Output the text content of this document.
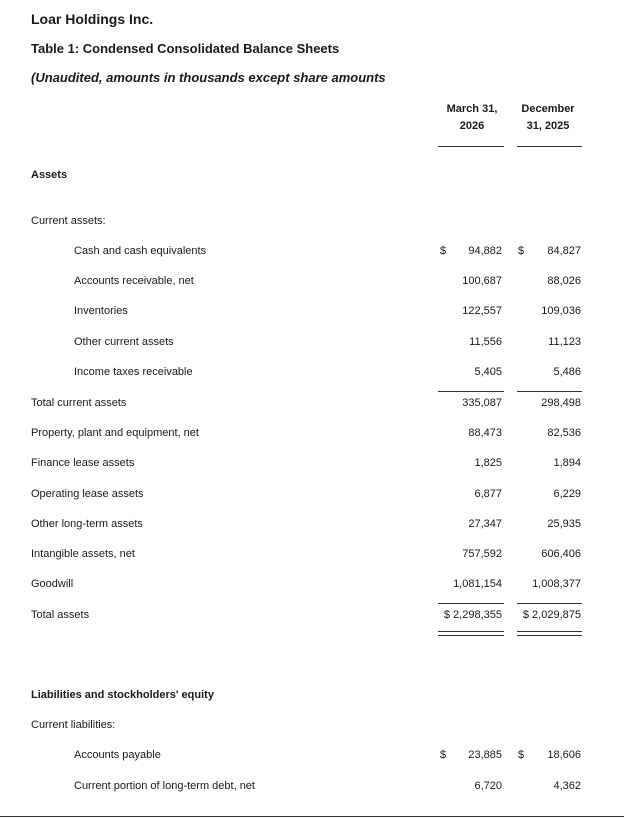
Loar Holdings Inc.
Table 1: Condensed Consolidated Balance Sheets
(Unaudited, amounts in thousands except share amounts
March 31,
2026
December
31, 2025
Assets
Current assets:
Cash and cash equivalents	$	94,882 $	84,827
Accounts receivable, net	100,687	88,026
Inventories	122,557	109,036
Other current assets	11,556	11,123
Income taxes receivable	5,405	5,486
Total current assets	335,087	298,498
Property, plant and equipment, net	88,473	82,536
Finance lease assets	1,825	1,894
Operating lease assets	6,877	6,229
Other long-term assets	27,347	25,935
Intangible assets, net	757,592	606,406
Goodwill	1,081,154	1,008,377
Total assets	$ 2,298,355	$ 2,029,875
Liabilities and stockholders' equity
Current liabilities:
Accounts payable	$	23,885 $	18,606
Current portion of long-term debt, net	6,720	4,362
